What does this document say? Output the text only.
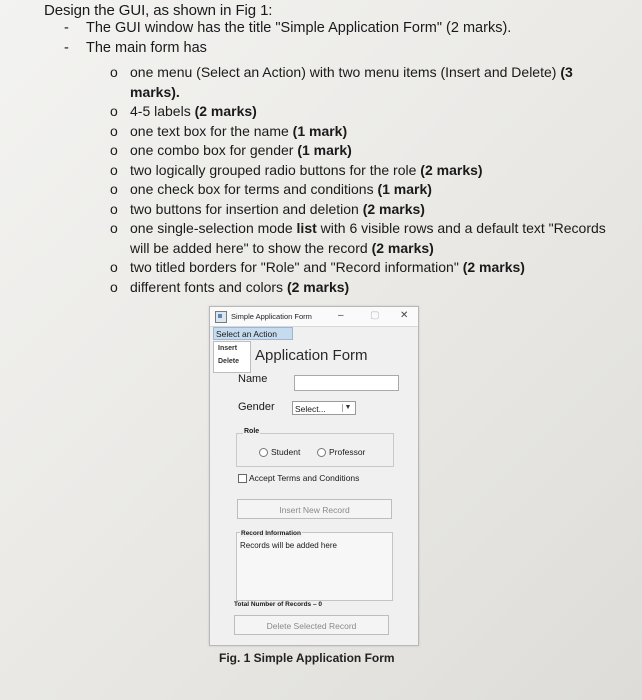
Design the GUI, as shown in Fig 1:
- The GUI window has the title "Simple Application Form" (2 marks).
- The main form has
o one menu (Select an Action) with two menu items (Insert and Delete) (3 marks).
o 4-5 labels (2 marks)
o one text box for the name (1 mark)
o one combo box for gender (1 mark)
o two logically grouped radio buttons for the role (2 marks)
o one check box for terms and conditions (1 mark)
o two buttons for insertion and deletion (2 marks)
o one single-selection mode list with 6 visible rows and a default text "Records will be added here" to show the record (2 marks)
o two titled borders for "Role" and "Record information" (2 marks)
o different fonts and colors (2 marks)
Simple Application Form	–	▢ ✕
Select an Action
Insert
Delete Application Form
Name
Gender	Select...	▼
Role
Student	Professor
Accept Terms and Conditions
Insert New Record
Record Information
Records will be added here
Total Number of Records – 0
Delete Selected Record
Fig. 1 Simple Application Form
